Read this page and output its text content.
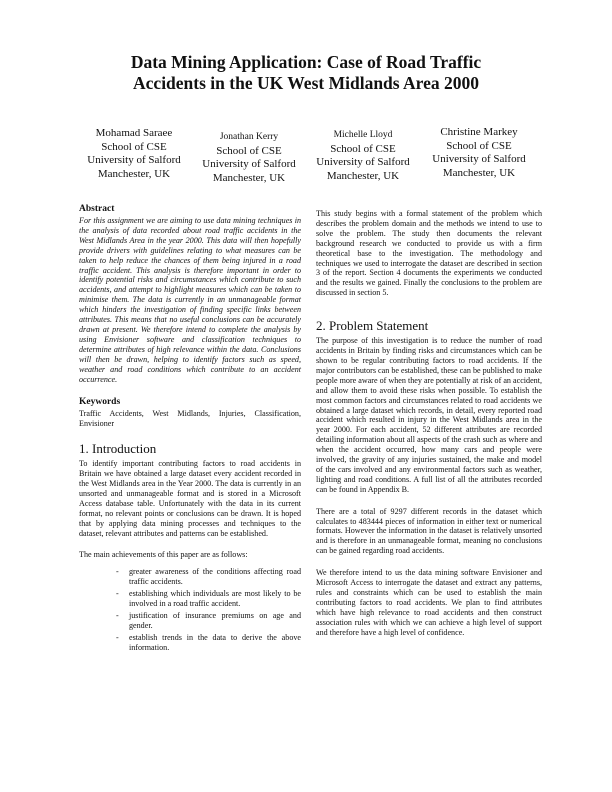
Data Mining Application: Case of Road Traffic
Accidents in the UK West Midlands Area 2000
Mohamad Saraee
School of CSE
University of Salford
Manchester, UK
Jonathan Kerry
School of CSE
University of Salford
Manchester, UK
Michelle Lloyd
School of CSE
University of Salford
Manchester, UK
Christine Markey
School of CSE
University of Salford
Manchester, UK
Abstract

For this assignment we are aiming to use data mining techniques in the analysis of data recorded about road traffic accidents in the West Midlands Area in the year 2000. This data will then hopefully provide drivers with guidelines relating to what measures can be taken to help reduce the chances of them being injured in a road traffic accident. This analysis is therefore important in order to identify potential risks and circumstances which contribute to such accidents, and attempt to highlight measures which can be taken to minimise them. The data is currently in an unmanageable format which hinders the investigation of finding specific links between attributes. This means that no useful conclusions can be accurately drawn at present. We therefore intend to complete the analysis by using Envisioner software and classification techniques to determine attributes of high relevance within the data. Conclusions will then be drawn, helping to identify factors such as speed, weather and road conditions which contribute to an accident occurrence.

Keywords

Traffic Accidents, West Midlands, Injuries, Classification, Envisioner

1. Introduction

To identify important contributing factors to road accidents in Britain we have obtained a large dataset every accident recorded in the West Midlands area in the Year 2000. The data is currently in an unsorted and unmanageable format and is stored in a Microsoft Access database table. Unfortunately with the data in its current format, no relevant points or conclusions can be drawn. It is hoped that by applying data mining processes and techniques to the dataset, relevant attributes and patterns can be established.

The main achievements of this paper are as follows:

- greater awareness of the conditions affecting road traffic accidents.
- establishing which individuals are most likely to be involved in a road traffic accident.
- justification of insurance premiums on age and gender.
- establish trends in the data to derive the above information.

This study begins with a formal statement of the problem which describes the problem domain and the methods we intend to use to solve the problem. The study then documents the relevant background research we conducted to provide us with a firm theoretical base to the investigation. The methodology and techniques we used to interrogate the dataset are described in section 3 of the report. Section 4 documents the experiments we conducted and the results we gained. Finally the conclusions to the problem are discussed in section 5.

2. Problem Statement

The purpose of this investigation is to reduce the number of road accidents in Britain by finding risks and circumstances which can be shown to be regular contributing factors to road accidents. If the major contributors can be established, these can be published to make people more aware of when they are potentially at risk of an accident, and allow them to avoid these risks when possible. To establish the most common factors and circumstances related to road accidents we obtained a large dataset which records, in detail, every reported road accident which resulted in injury in the West Midlands area in the year 2000. For each accident, 52 different attributes are recorded detailing information about all aspects of the crash such as where and when the accident occurred, how many cars and people were involved, the gravity of any injuries sustained, the make and model of the cars involved and any environmental factors such as weather, lighting and road conditions. A full list of all the attributes recorded can be found in Appendix B.

There are a total of 9297 different records in the dataset which calculates to 483444 pieces of information in either text or numerical formats. However the information in the dataset is relatively unsorted and is therefore in an unmanageable format, meaning no conclusions can be gained regarding road accidents.

We therefore intend to us the data mining software Envisioner and Microsoft Access to interrogate the dataset and extract any patterns, rules and constraints which can be used to establish the main contributing factors to road accidents. We plan to find attributes which have high relevance to road accidents and then construct association rules with which we can achieve a high level of support and therefore have a high level of confidence.
